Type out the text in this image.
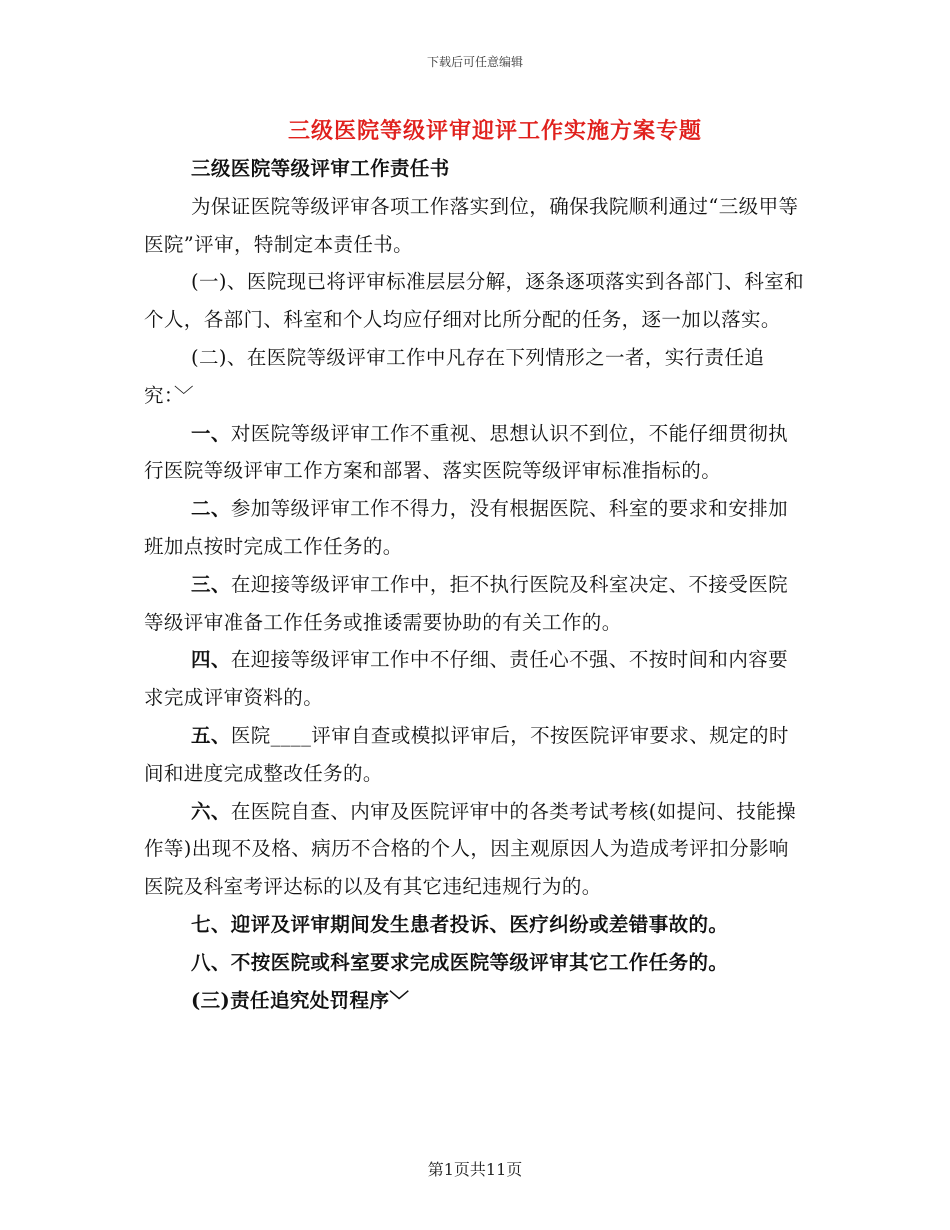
下载后可任意编辑
三级医院等级评审迎评工作实施方案专题

三级医院等级评审工作责任书

为保证医院等级评审各项工作落实到位，确保我院顺利通过“三级甲等医院”评审，特制定本责任书。

(一)、医院现已将评审标准层层分解，逐条逐项落实到各部门、科室和个人，各部门、科室和个人均应仔细对比所分配的任务，逐一加以落实。

(二)、在医院等级评审工作中凡存在下列情形之一者，实行责任追究：﹀

一、对医院等级评审工作不重视、思想认识不到位，不能仔细贯彻执行医院等级评审工作方案和部署、落实医院等级评审标准指标的。

二、参加等级评审工作不得力，没有根据医院、科室的要求和安排加班加点按时完成工作任务的。

三、在迎接等级评审工作中，拒不执行医院及科室决定、不接受医院等级评审准备工作任务或推诿需要协助的有关工作的。

四、在迎接等级评审工作中不仔细、责任心不强、不按时间和内容要求完成评审资料的。

五、医院____评审自查或模拟评审后，不按医院评审要求、规定的时间和进度完成整改任务的。

六、在医院自查、内审及医院评审中的各类考试考核(如提问、技能操作等)出现不及格、病历不合格的个人，因主观原因人为造成考评扣分影响医院及科室考评达标的以及有其它违纪违规行为的。

七、迎评及评审期间发生患者投诉、医疗纠纷或差错事故的。

八、不按医院或科室要求完成医院等级评审其它工作任务的。

(三)责任追究处罚程序﹀

第1页共11页
